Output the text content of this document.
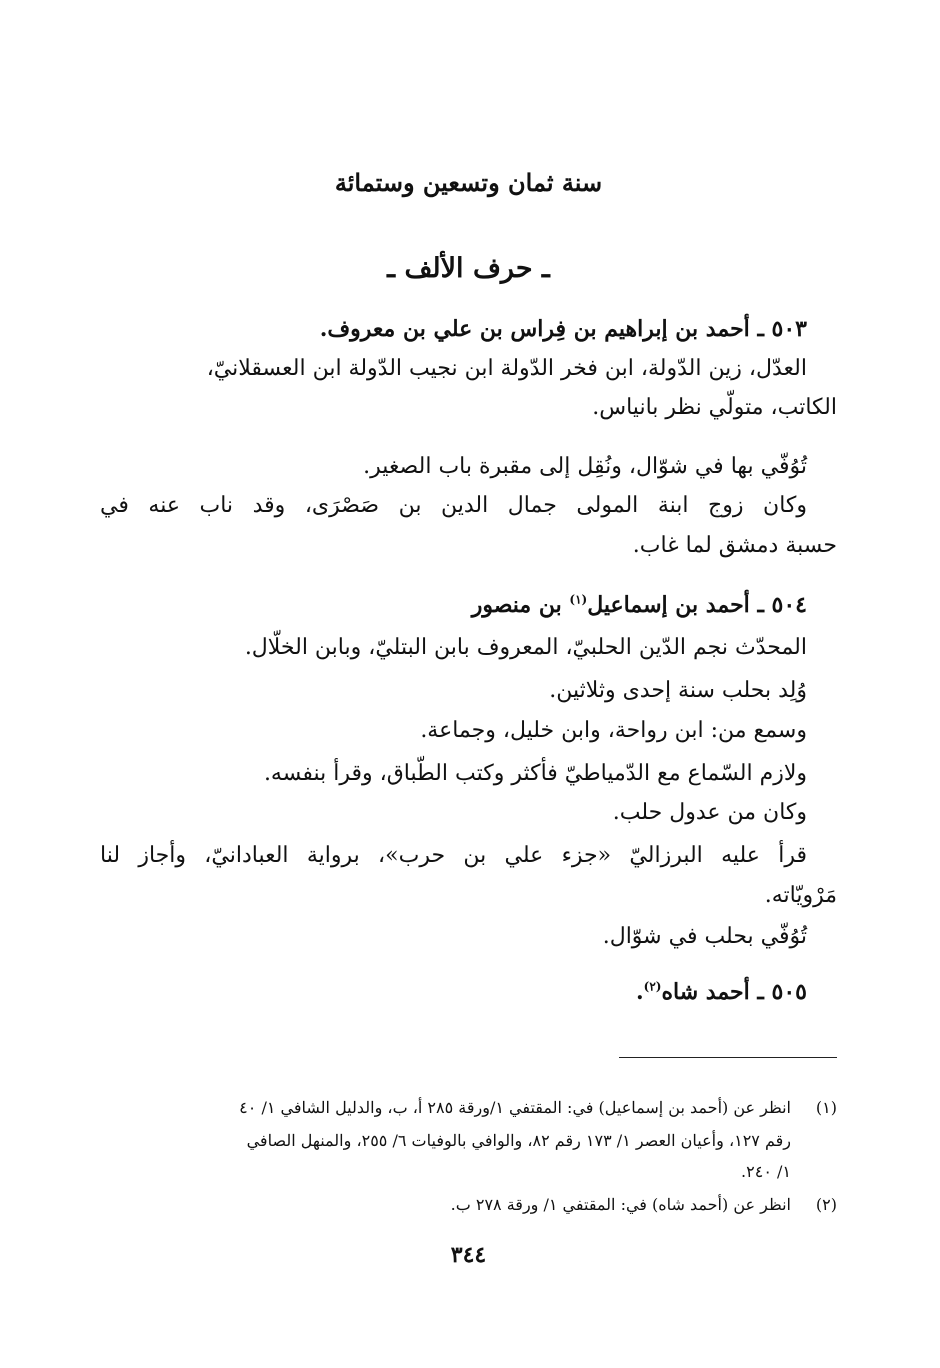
سنة ثمان وتسعين وستمائة
ـ حرف الألف ـ
٥٠٣ ـ أحمد بن إبراهيم بن فِراس بن علي بن معروف.
العدّل، زين الدّولة، ابن فخر الدّولة ابن نجيب الدّولة ابن العسقلانيّ،
الكاتب، متولّي نظر بانياس.
تُوُفّي بها في شوّال، ونُقِل إلى مقبرة باب الصغير.
وكان زوج ابنة المولى جمال الدين بن صَصْرَى، وقد ناب عنه في
حسبة دمشق لما غاب.
٥٠٤ ـ أحمد بن إسماعيل$^{(١)}$ بن منصور
المحدّث نجم الدّين الحلبيّ، المعروف بابن البتليّ، وبابن الخلّال.
وُلِد بحلب سنة إحدى وثلاثين.
وسمع من: ابن رواحة، وابن خليل، وجماعة.
ولازم السّماع مع الدّمياطيّ فأكثر وكتب الطّباق، وقرأ بنفسه.
وكان من عدول حلب.
قرأ عليه البرزاليّ «جزء علي بن حرب»، برواية العبادانيّ، وأجاز لنا
مَرْويّاته.
تُوُفّي بحلب في شوّال.
٥٠٥ ـ أحمد شاه$^{(٢)}$.
(١)
انظر عن (أحمد بن إسماعيل) في: المقتفي ١/ورقة ٢٨٥ أ، ب، والدليل الشافي ١/ ٤٠
رقم ١٢٧، وأعيان العصر ١/ ١٧٣ رقم ٨٢، والوافي بالوفيات ٦/ ٢٥٥، والمنهل الصافي
١/ ٢٤٠.
(٢)
انظر عن (أحمد شاه) في: المقتفي ١/ ورقة ٢٧٨ ب.
٣٤٤
